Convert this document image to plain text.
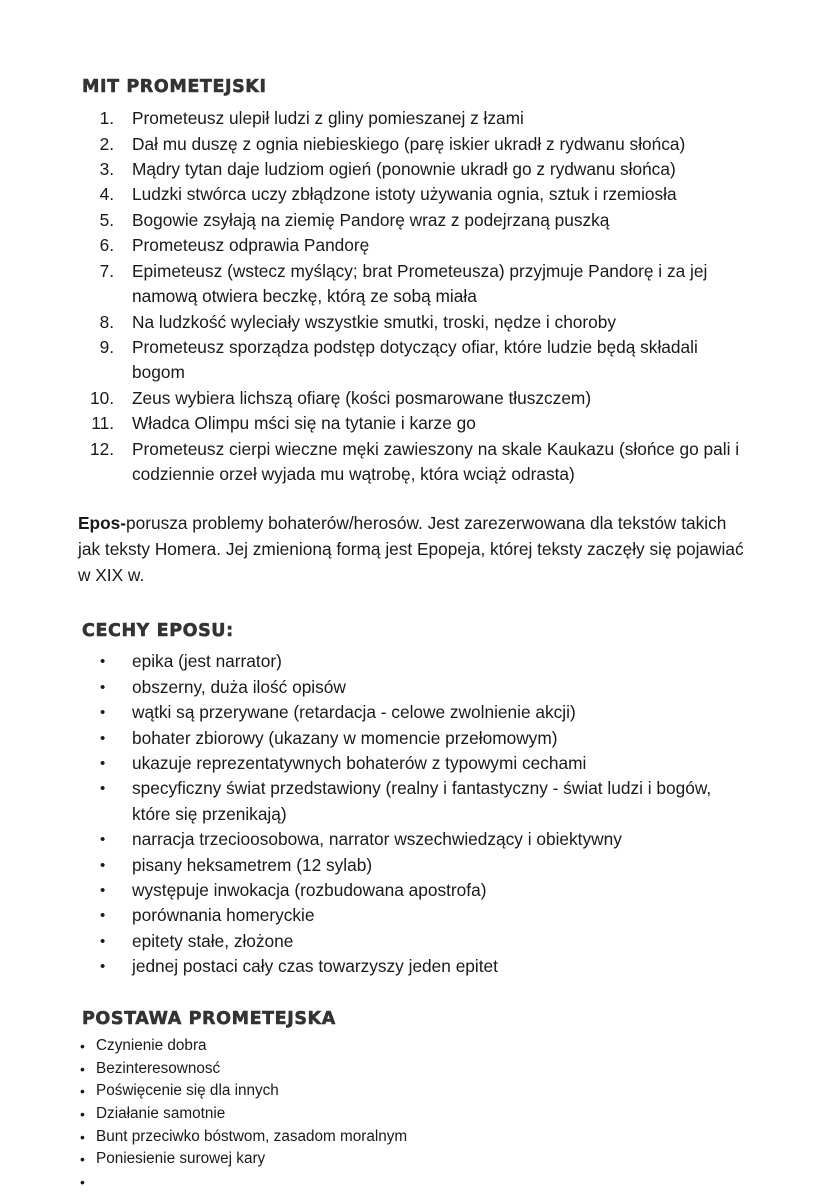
MIT PROMETEJSKI
1. Prometeusz ulepił ludzi z gliny pomieszanej z łzami
2. Dał mu duszę z ognia niebieskiego (parę iskier ukradł z rydwanu słońca)
3. Mądry tytan daje ludziom ogień (ponownie ukradł go z rydwanu słońca)
4. Ludzki stwórca uczy zbłądzone istoty używania ognia, sztuk i rzemiosła
5. Bogowie zsyłają na ziemię Pandorę wraz z podejrzaną puszką
6. Prometeusz odprawia Pandorę
7. Epimeteusz (wstecz myślący; brat Prometeusza) przyjmuje Pandorę i za jej namową otwiera beczkę, którą ze sobą miała
8. Na ludzkość wyleciały wszystkie smutki, troski, nędze i choroby
9. Prometeusz sporządza podstęp dotyczący ofiar, które ludzie będą składali bogom
10. Zeus wybiera lichszą ofiarę (kości posmarowane tłuszczem)
11. Władca Olimpu mści się na tytanie i karze go
12. Prometeusz cierpi wieczne męki zawieszony na skale Kaukazu (słońce go pali i codziennie orzeł wyjada mu wątrobę, która wciąż odrasta)

Epos-porusza problemy bohaterów/herosów. Jest zarezerwowana dla tekstów takich jak teksty Homera. Jej zmienioną formą jest Epopeja, której teksty zaczęły się pojawiać w XIX w.

CECHY EPOSU:
• epika (jest narrator)
• obszerny, duża ilość opisów
• wątki są przerywane (retardacja - celowe zwolnienie akcji)
• bohater zbiorowy (ukazany w momencie przełomowym)
• ukazuje reprezentatywnych bohaterów z typowymi cechami
• specyficzny świat przedstawiony (realny i fantastyczny - świat ludzi i bogów, które się przenikają)
• narracja trzecioosobowa, narrator wszechwiedzący i obiektywny
• pisany heksametrem (12 sylab)
• występuje inwokacja (rozbudowana apostrofa)
• porównania homeryckie
• epitety stałe, złożone
• jednej postaci cały czas towarzyszy jeden epitet
POSTAWA PROMETEJSKA
• Czynienie dobra
• Bezinteresownosć
• Poświęcenie się dla innych
• Działanie samotnie
• Bunt przeciwko bóstwom, zasadom moralnym
• Poniesienie surowej kary
•
